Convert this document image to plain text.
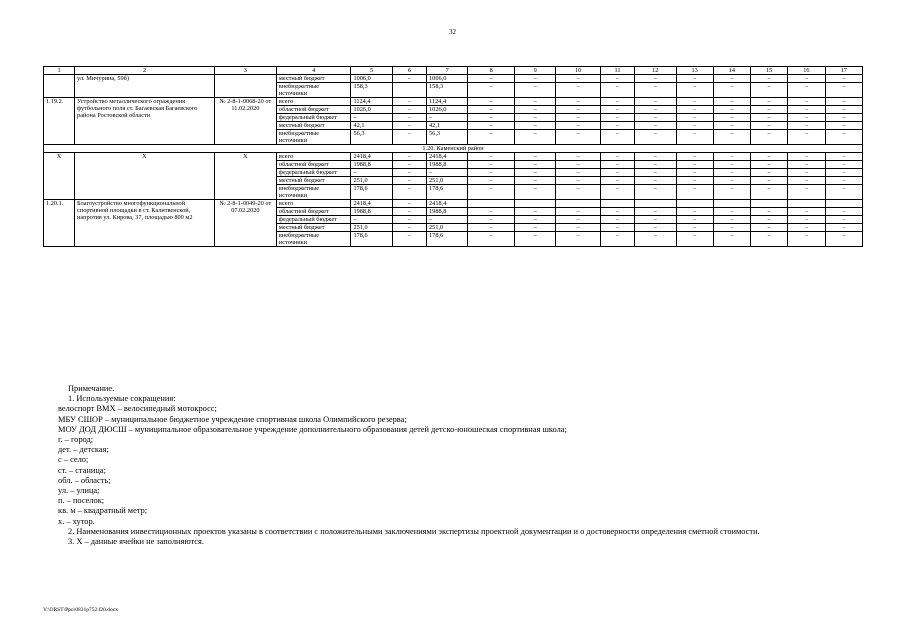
32
1	2	3	4	5	6	7	8	9	10	11	12	13	14	15	16	17
	ул. Мичурина, 59б)		местный бюджет	1006,0	–	1006,0	–	–	–	–	–	–	–	–	–	–
			внебюджетные источники	158,3		158,3	–	–	–	–	–	–	–	–	–	–
1.19.2.	Устройство металлического ограждения футбольного поля ст. Багаевская Багаевского района Ростовской области	№ 2-8-1-0068-20 от 11.02.2020	всего	1124,4	–	1124,4	–	–	–	–	–	–	–	–	–	–
			областной бюджет	1026,0	–	1026,0	–	–	–	–	–	–	–	–	–	–
			федеральный бюджет	–	–	–	–	–	–	–	–	–	–	–	–	–
			местный бюджет	42,1	–	42,1	–	–	–	–	–	–	–	–	–	–
			внебюджетные источники	56,3	–	56,3	–	–	–	–	–	–	–	–	–	–
1.20. Каменский район																
X	X	X	всего	2418,4	–	2418,4	–	–	–	–	–	–	–	–	–	–
			областной бюджет	1988,8	–	1988,8	–	–	–	–	–	–	–	–	–	–
			федеральный бюджет	–	–	–	–	–	–	–	–	–	–	–	–	–
			местный бюджет	251,0	–	251,0	–	–	–	–	–	–	–	–	–	–
			внебюджетные источники	178,6	–	178,6	–	–	–	–	–	–	–	–	–	–
1.20.1.	Благоустройство многофункциональной спортивной площадки в ст. Калитвенской, напротив ул. Кирова, 37, площадью 800 м2	№ 2-8-1-0049-20 от 07.02.2020	всего	2418,4	–	2418,4										
			областной бюджет	1988,8	–	1988,8	–	–	–	–	–	–	–	–	–	–
			федеральный бюджет	–	–	–	–	–	–	–	–	–	–	–	–	–
			местный бюджет	251,0	–	251,0	–	–	–	–	–	–	–	–	–	–
			внебюджетные источники	178,6	–	178,6	–	–	–	–	–	–	–	–	–	–
Примечание.
1. Используемые сокращения:
велоспорт ВМХ – велосипедный мотокросс;
МБУ СШОР – муниципальное бюджетное учреждение спортивная школа Олимпийского резерва;
МОУ ДОД ДЮСШ – муниципальное образовательное учреждение дополнительного образования детей детско-юношеская спортивная школа;
г. – город;
дет. – детская;
с – село;
ст. – станица;
обл. – область;
ул. – улица;
п. – поселок;
кв. м – квадратный метр;
х. – хутор.
2. Наименования инвестиционных проектов указаны в соответствии с положительными заключениями экспертизы проектной документации и о достоверности определения сметной стоимости.
3. X – данные ячейки не заполняются.
Y:\ORST\Ppo\0831p752.f20.docx
